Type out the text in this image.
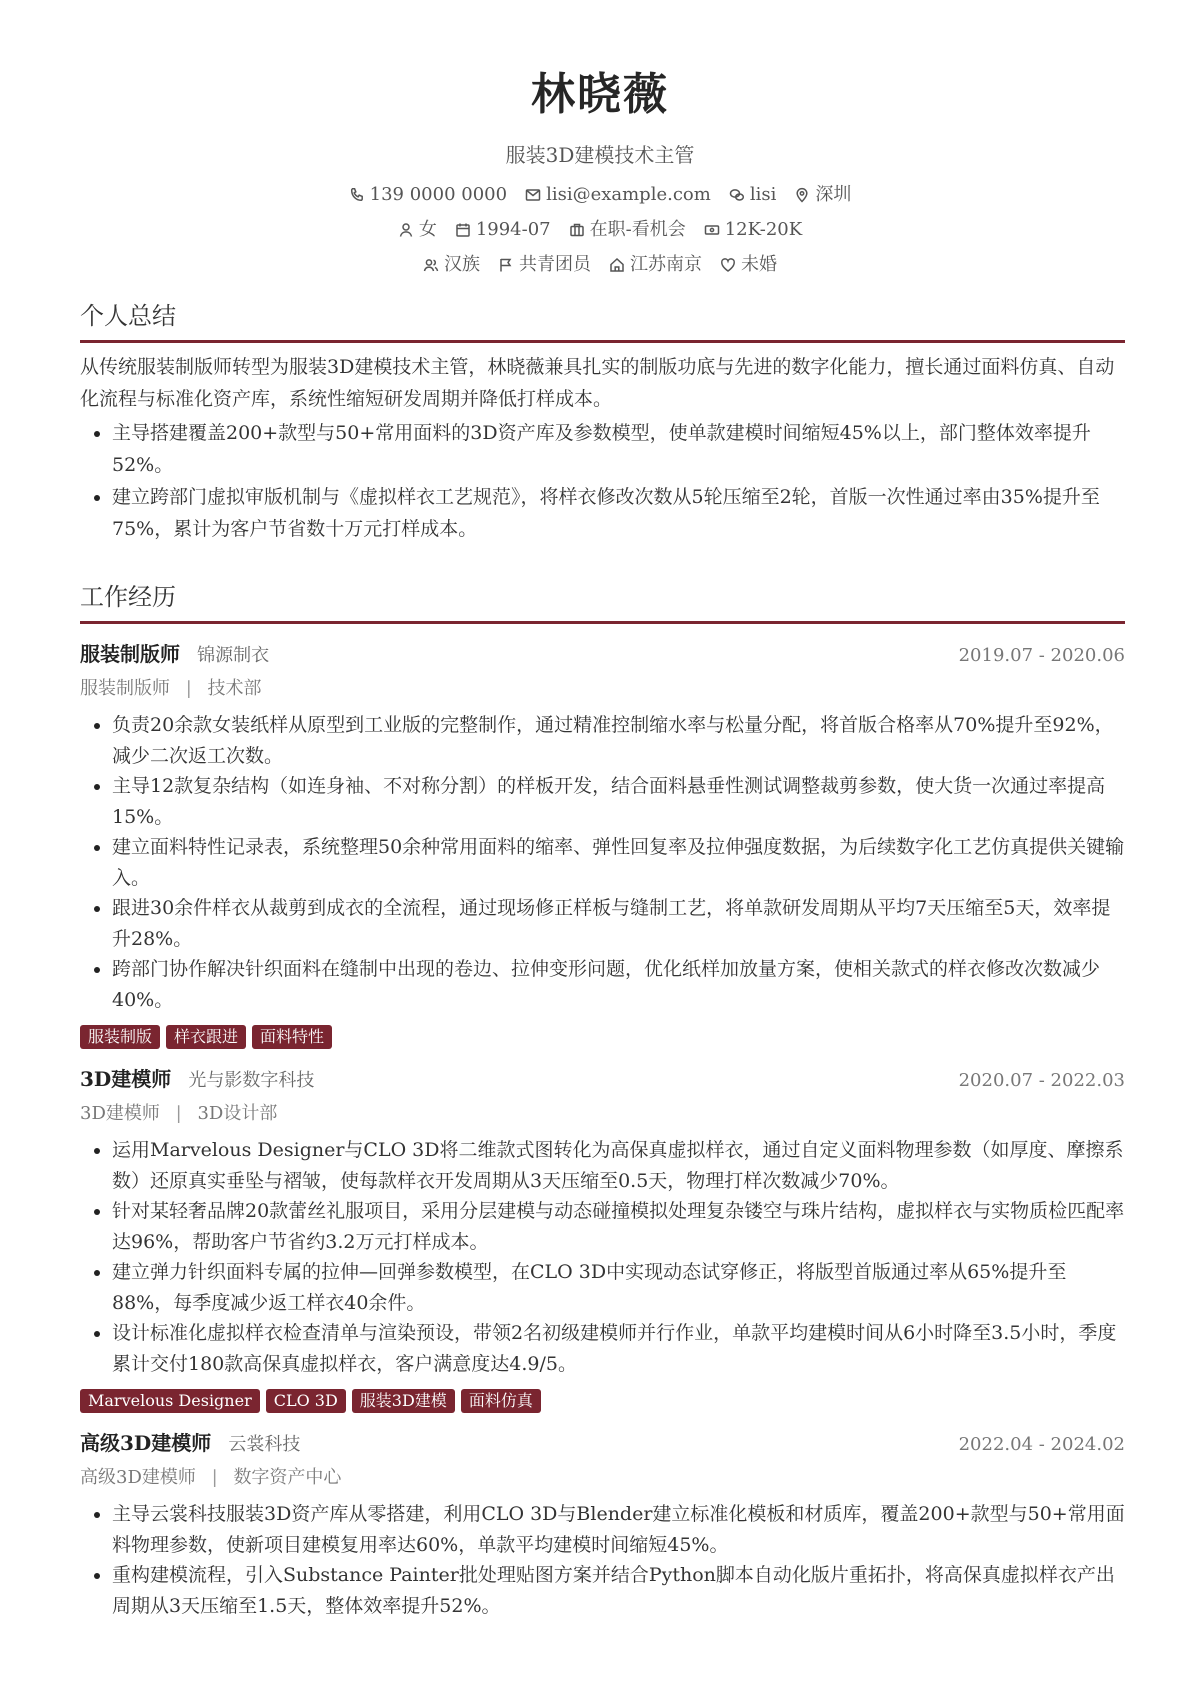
林晓薇
服装3D建模技术主管
139 0000 0000 lisi@example.com lisi 深圳
女 1994-07 在职-看机会 12K-20K
汉族 共青团员 江苏南京 未婚
个人总结

从传统服装制版师转型为服装3D建模技术主管，林晓薇兼具扎实的制版功底与先进的数字化能力，擅长通过面料仿真、自动化流程与标准化资产库，系统性缩短研发周期并降低打样成本。

• 主导搭建覆盖200+款型与50+常用面料的3D资产库及参数模型，使单款建模时间缩短45%以上，部门整体效率提升52%。
• 建立跨部门虚拟审版机制与《虚拟样衣工艺规范》，将样衣修改次数从5轮压缩至2轮，首版一次性通过率由35%提升至75%，累计为客户节省数十万元打样成本。
工作经历
服装制版师 锦源制衣	2019.07 - 2020.06
服装制版师 | 技术部
• 负责20余款女装纸样从原型到工业版的完整制作，通过精准控制缩水率与松量分配，将首版合格率从70%提升至92%，减少二次返工次数。
• 主导12款复杂结构（如连身袖、不对称分割）的样板开发，结合面料悬垂性测试调整裁剪参数，使大货一次通过率提高15%。
• 建立面料特性记录表，系统整理50余种常用面料的缩率、弹性回复率及拉伸强度数据，为后续数字化工艺仿真提供关键输入。
• 跟进30余件样衣从裁剪到成衣的全流程，通过现场修正样板与缝制工艺，将单款研发周期从平均7天压缩至5天，效率提升28%。
• 跨部门协作解决针织面料在缝制中出现的卷边、拉伸变形问题，优化纸样加放量方案，使相关款式的样衣修改次数减少40%。
服装制版	样衣跟进	面料特性
3D建模师 光与影数字科技	2020.07 - 2022.03
3D建模师 | 3D设计部
• 运用Marvelous Designer与CLO 3D将二维款式图转化为高保真虚拟样衣，通过自定义面料物理参数（如厚度、摩擦系数）还原真实垂坠与褶皱，使每款样衣开发周期从3天压缩至0.5天，物理打样次数减少70%。
• 针对某轻奢品牌20款蕾丝礼服项目，采用分层建模与动态碰撞模拟处理复杂镂空与珠片结构，虚拟样衣与实物质检匹配率达96%，帮助客户节省约3.2万元打样成本。
• 建立弹力针织面料专属的拉伸—回弹参数模型，在CLO 3D中实现动态试穿修正，将版型首版通过率从65%提升至88%，每季度减少返工样衣40余件。
• 设计标准化虚拟样衣检查清单与渲染预设，带领2名初级建模师并行作业，单款平均建模时间从6小时降至3.5小时，季度累计交付180款高保真虚拟样衣，客户满意度达4.9/5。
Marvelous Designer	CLO 3D	服装3D建模	面料仿真
高级3D建模师 云裳科技	2022.04 - 2024.02
高级3D建模师 | 数字资产中心
• 主导云裳科技服装3D资产库从零搭建，利用CLO 3D与Blender建立标准化模板和材质库，覆盖200+款型与50+常用面料物理参数，使新项目建模复用率达60%，单款平均建模时间缩短45%。
• 重构建模流程，引入Substance Painter批处理贴图方案并结合Python脚本自动化版片重拓扑，将高保真虚拟样衣产出周期从3天压缩至1.5天，整体效率提升52%。
